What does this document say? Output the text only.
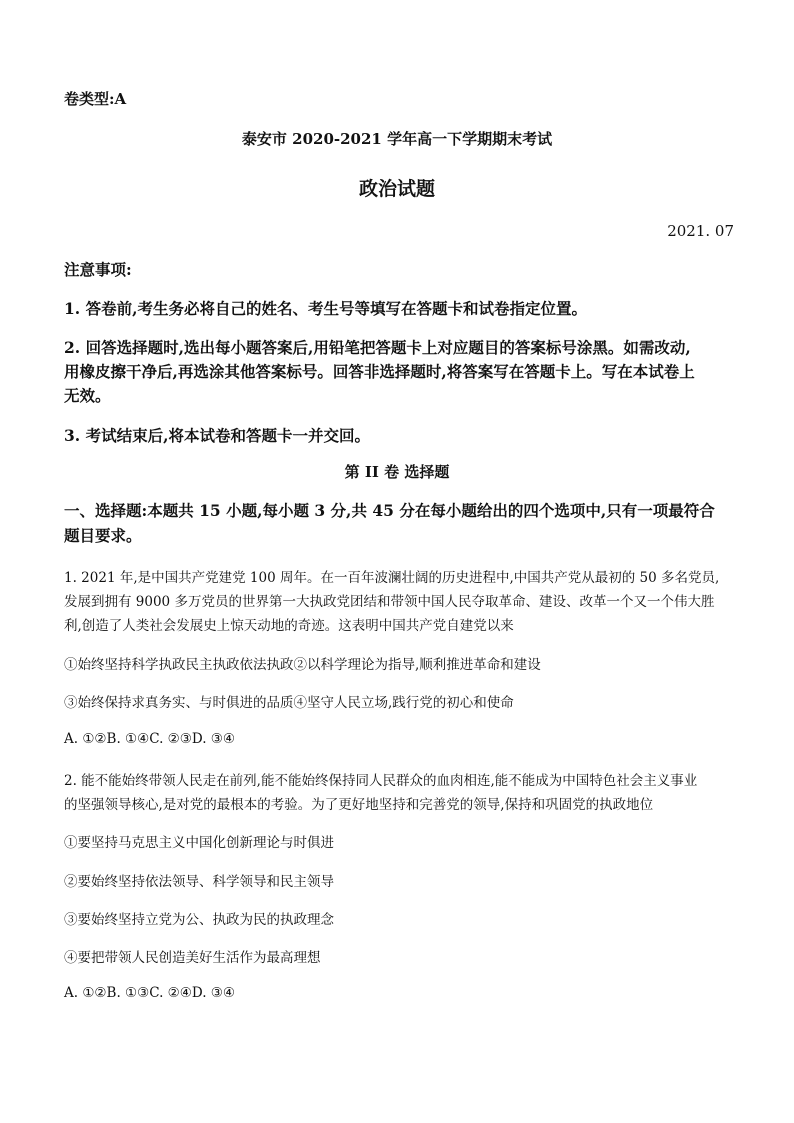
卷类型:A
泰安市 2020-2021 学年高一下学期期末考试
政治试题
2021. 07
注意事项:
1. 答卷前,考生务必将自己的姓名、考生号等填写在答题卡和试卷指定位置。
2. 回答选择题时,选出每小题答案后,用铅笔把答题卡上对应题目的答案标号涂黑。如需改动,
用橡皮擦干净后,再选涂其他答案标号。回答非选择题时,将答案写在答题卡上。写在本试卷上
无效。
3. 考试结束后,将本试卷和答题卡一并交回。
第 II 卷 选择题
一、选择题:本题共 15 小题,每小题 3 分,共 45 分在每小题给出的四个选项中,只有一项最符合
题目要求。
1. 2021 年,是中国共产党建党 100 周年。在一百年波澜壮阔的历史进程中,中国共产党从最初的 50 多名党员,
发展到拥有 9000 多万党员的世界第一大执政党团结和带领中国人民夺取革命、建设、改革一个又一个伟大胜
利,创造了人类社会发展史上惊天动地的奇迹。这表明中国共产党自建党以来
①始终坚持科学执政民主执政依法执政②以科学理论为指导,顺利推进革命和建设
③始终保持求真务实、与时俱进的品质④坚守人民立场,践行党的初心和使命
A. ①②B. ①④C. ②③D. ③④
2. 能不能始终带领人民走在前列,能不能始终保持同人民群众的血肉相连,能不能成为中国特色社会主义事业
的坚强领导核心,是对党的最根本的考验。为了更好地坚持和完善党的领导,保持和巩固党的执政地位
①要坚持马克思主义中国化创新理论与时俱进
②要始终坚持依法领导、科学领导和民主领导
③要始终坚持立党为公、执政为民的执政理念
④要把带领人民创造美好生活作为最高理想
A. ①②B. ①③C. ②④D. ③④
